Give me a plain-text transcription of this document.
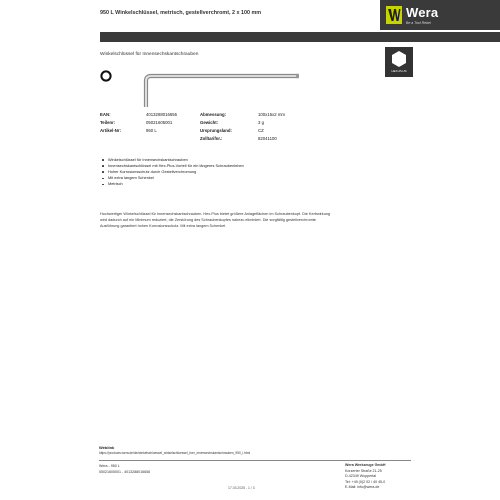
950 L Winkelschlüssel, metrisch, gestellverchromt, 2 x 100 mm	Wera
Be a Tool Rebel
Winkelschlüssel für Innensechskantschrauben
HEX-PLUS
EAN:	4013288016656	Abmessung:	100x15x2 mm
Teilenr:	05021605001	Gewicht:	3 g
Artikel-Nr:	950 L	Ursprungsland:	CZ
Zolltarifnr.:	82041100
Winkelschlüssel für Innensechskantschrauben
Innensechskantschlüssel mit Hex-Plus-Vorteil für ein längeres Schraubenleben
Hoher Korrosionsschutz durch Gestellverchromung
Mit extra langem Schenkel
Metrisch
Hochwertiger Winkelschlüssel für Innensechskantschrauben. Hex-Plus bietet größere Anlageflächen im Schraubenkopf. Die Kerbwirkung
wird dadurch auf ein Minimum reduziert, die Zerstörung des Schraubenkopfes nahezu eliminiert. Die sorgfältig gestellverchromte
Ausführung garantiert hohen Korrosionsschutz. Mit extra langem Schenkel.
Weblink
https://products.wera.de/de/winkelschluessel_winkelschluessel_fuer_innensechskantschrauben_950_l.html
Wera - 950 L
05021605001 - 4013288016656
Wera Werkzeuge GmbH
Korzerter Straße 21-25
D-42349 Wuppertal
Tel: +49 (0)2 02 / 40 45-0
E-Mail: info@wera.de
17.03.2025 - 1 / 3
